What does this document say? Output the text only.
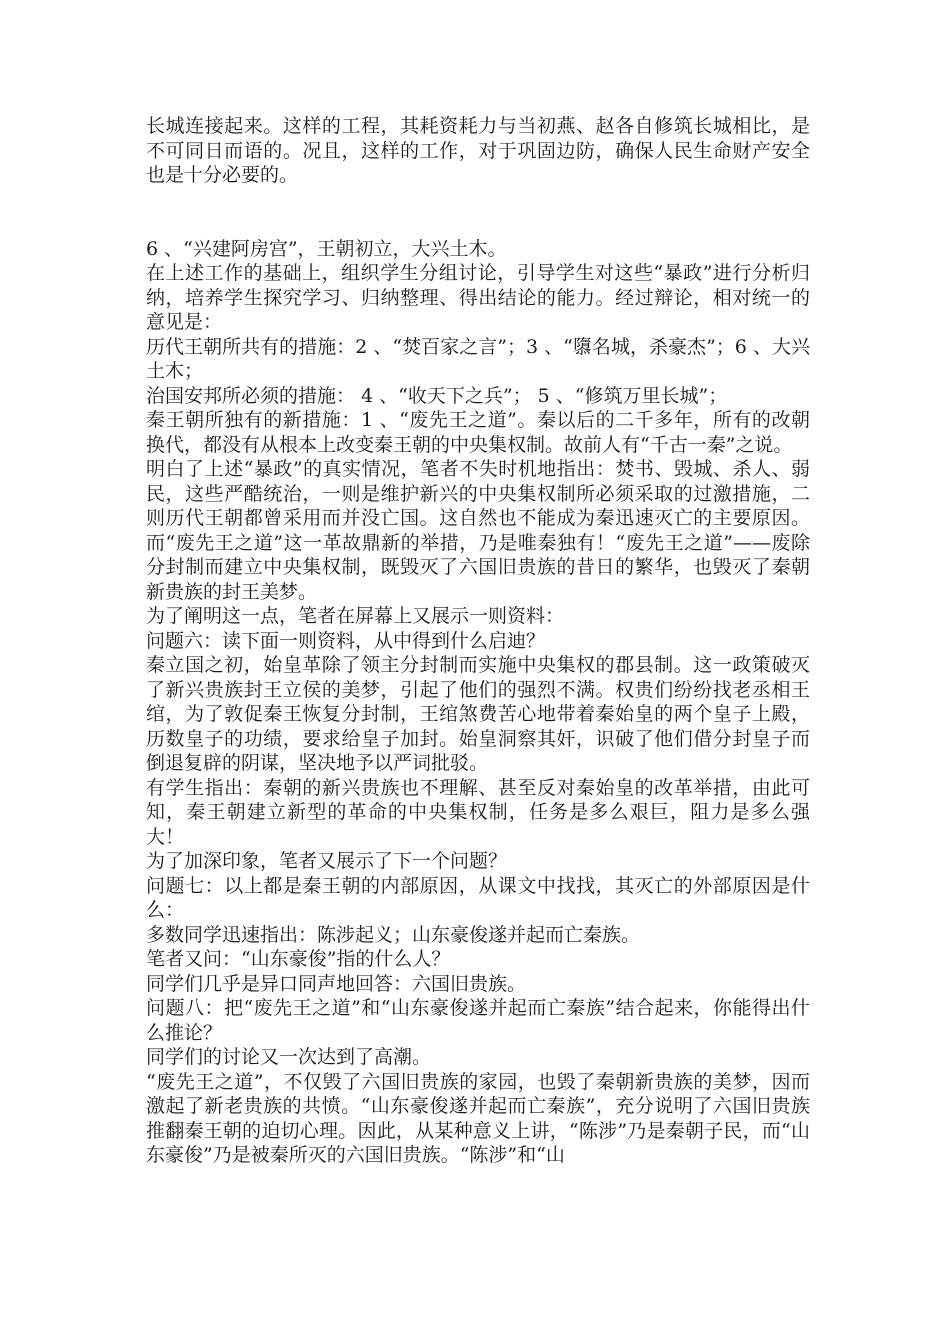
长城连接起来。这样的工程，其耗资耗力与当初燕、赵各自修筑长城相比，是不可同日而语的。况且，这样的工作，对于巩固边防，确保人民生命财产安全也是十分必要的。

6 、“兴建阿房宫”，王朝初立，大兴土木。

在上述工作的基础上，组织学生分组讨论，引导学生对这些“暴政”进行分析归纳，培养学生探究学习、归纳整理、得出结论的能力。经过辩论，相对统一的意见是：

历代王朝所共有的措施：2 、“焚百家之言”；3 、“隳名城，杀豪杰”；6 、大兴土木；

治国安邦所必须的措施： 4 、“收天下之兵”； 5 、“修筑万里长城”；

秦王朝所独有的新措施：1 、“废先王之道”。秦以后的二千多年，所有的改朝换代，都没有从根本上改变秦王朝的中央集权制。故前人有“千古一秦”之说。

明白了上述“暴政”的真实情况，笔者不失时机地指出：焚书、毁城、杀人、弱民，这些严酷统治，一则是维护新兴的中央集权制所必须采取的过激措施，二则历代王朝都曾采用而并没亡国。这自然也不能成为秦迅速灭亡的主要原因。而“废先王之道”这一革故鼎新的举措，乃是唯秦独有！“废先王之道”——废除分封制而建立中央集权制，既毁灭了六国旧贵族的昔日的繁华，也毁灭了秦朝新贵族的封王美梦。

为了阐明这一点，笔者在屏幕上又展示一则资料：

问题六：读下面一则资料，从中得到什么启迪？

秦立国之初，始皇革除了领主分封制而实施中央集权的郡县制。这一政策破灭了新兴贵族封王立侯的美梦，引起了他们的强烈不满。权贵们纷纷找老丞相王绾，为了敦促秦王恢复分封制，王绾煞费苦心地带着秦始皇的两个皇子上殿，历数皇子的功绩，要求给皇子加封。始皇洞察其奸，识破了他们借分封皇子而倒退复辟的阴谋，坚决地予以严词批驳。

有学生指出：秦朝的新兴贵族也不理解、甚至反对秦始皇的改革举措，由此可知，秦王朝建立新型的革命的中央集权制，任务是多么艰巨，阻力是多么强大！

为了加深印象，笔者又展示了下一个问题？

问题七：以上都是秦王朝的内部原因，从课文中找找，其灭亡的外部原因是什么：

多数同学迅速指出：陈涉起义；山东豪俊遂并起而亡秦族。

笔者又问：“山东豪俊”指的什么人？

同学们几乎是异口同声地回答：六国旧贵族。

问题八：把“废先王之道”和“山东豪俊遂并起而亡秦族”结合起来，你能得出什么推论？

同学们的讨论又一次达到了高潮。

“废先王之道”，不仅毁了六国旧贵族的家园，也毁了秦朝新贵族的美梦，因而激起了新老贵族的共愤。“山东豪俊遂并起而亡秦族”，充分说明了六国旧贵族推翻秦王朝的迫切心理。因此，从某种意义上讲，“陈涉”乃是秦朝子民，而“山东豪俊”乃是被秦所灭的六国旧贵族。“陈涉”和“山
